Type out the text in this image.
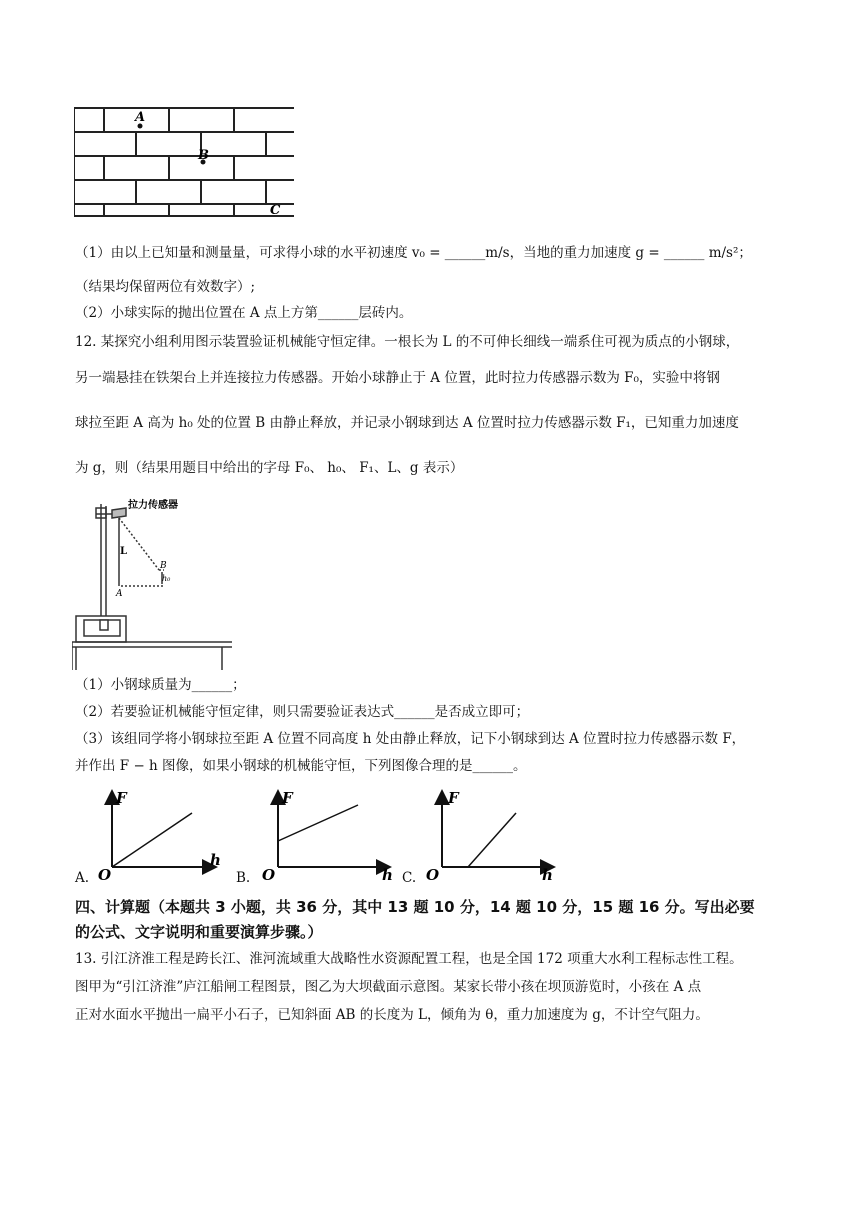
A
B
C
（1）由以上已知量和测量量，可求得小球的水平初速度 v₀ = ______m/s，当地的重力加速度 g = ______ m/s²；
（结果均保留两位有效数字）;
（2）小球实际的抛出位置在 A 点上方第______层砖内。
12. 某探究小组利用图示装置验证机械能守恒定律。一根长为 L 的不可伸长细线一端系住可视为质点的小钢球，
另一端悬挂在铁架台上并连接拉力传感器。开始小球静止于 A 位置，此时拉力传感器示数为 F₀，实验中将钢
球拉至距 A 高为 h₀ 处的位置 B 由静止释放，并记录小钢球到达 A 位置时拉力传感器示数 F₁，已知重力加速度
为 g，则（结果用题目中给出的字母 F₀、 h₀、 F₁、L、g 表示）
拉力传感器
L
B
h₀
A
（1）小钢球质量为______；
（2）若要验证机械能守恒定律，则只需要验证表达式______是否成立即可；
（3）该组同学将小钢球拉至距 A 位置不同高度 h 处由静止释放，记下小钢球到达 A 位置时拉力传感器示数 F，
并作出 F − h 图像，如果小钢球的机械能守恒，下列图像合理的是______。
A.
F
h
O	B.
F
h
O	C.
F
h
O
四、计算题（本题共 3 小题，共 36 分，其中 13 题 10 分，14 题 10 分，15 题 16 分。写出必要
的公式、文字说明和重要演算步骤。）
13. 引江济淮工程是跨长江、淮河流域重大战略性水资源配置工程，也是全国 172 项重大水利工程标志性工程。
图甲为“引江济淮”庐江船闸工程图景，图乙为大坝截面示意图。某家长带小孩在坝顶游览时，小孩在 A 点
正对水面水平抛出一扁平小石子，已知斜面 AB 的长度为 L，倾角为 θ，重力加速度为 g，不计空气阻力。
